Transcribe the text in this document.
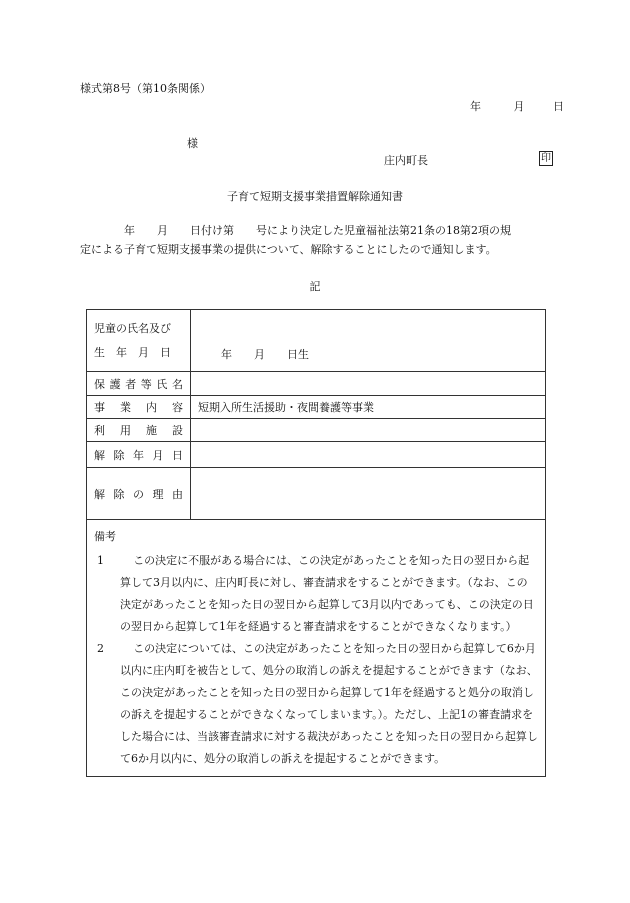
様式第8号（第10条関係）
年	月	日
様
庄内町長	印
子育て短期支援事業措置解除通知書
　　　　年　　月　　日付け第　　号により決定した児童福祉法第21条の18第2項の規
定による子育て短期支援事業の提供について、解除することにしたので通知します。
記
児童の氏名及び
生　年　月　日	年　　月　　日生
保護者等氏名	
事業内容	短期入所生活援助・夜間養護等事業
利用施設	
解除年月日	
解除の理由	

備考
1 この決定に不服がある場合には、この決定があったことを知った日の翌日から起算して3月以内に、庄内町長に対し、審査請求をすることができます。（なお、この決定があったことを知った日の翌日から起算して3月以内であっても、この決定の日の翌日から起算して1年を経過すると審査請求をすることができなくなります。）
2 この決定については、この決定があったことを知った日の翌日から起算して6か月以内に庄内町を被告として、処分の取消しの訴えを提起することができます（なお、この決定があったことを知った日の翌日から起算して1年を経過すると処分の取消しの訴えを提起することができなくなってしまいます。）。ただし、上記1の審査請求をした場合には、当該審査請求に対する裁決があったことを知った日の翌日から起算して6か月以内に、処分の取消しの訴えを提起することができます。	
